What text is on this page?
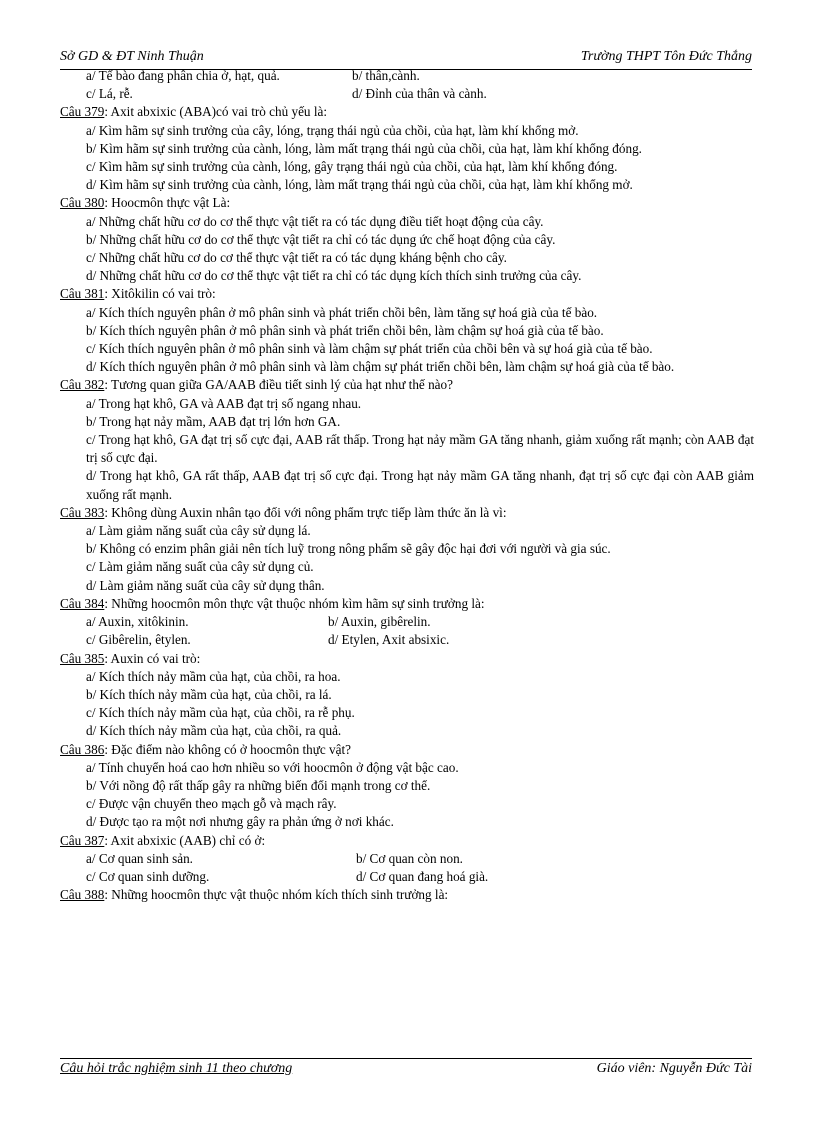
Sở GD & ĐT Ninh Thuận	Trường THPT Tôn Đức Thắng
a/ Tế bào đang phân chia ở, hạt, quả.	b/ thân,cành.
c/ Lá, rễ.	d/ Đỉnh của thân và cành.
Câu 379: Axit abxixic (ABA)có vai trò chủ yếu là:
a/ Kìm hãm sự sinh trưởng của cây, lóng, trạng thái ngủ của chồi, của hạt, làm khí khổng mở.
b/ Kìm hãm sự sinh trưởng của cành, lóng, làm mất trạng thái ngủ của chồi, của hạt, làm khí khổng đóng.
c/ Kìm hãm sự sinh trưởng của cành, lóng, gây trạng thái ngủ của chồi, của hạt, làm khí khổng đóng.
d/ Kìm hãm sự sinh trưởng của cành, lóng, làm mất trạng thái ngủ của chồi, của hạt, làm khí khổng mở.
Câu 380: Hoocmôn thực vật Là:
a/ Những chất hữu cơ do cơ thể thực vật tiết ra có tác dụng điều tiết hoạt động của cây.
b/ Những chất hữu cơ do cơ thể thực vật tiết ra chỉ có tác dụng ức chế hoạt động của cây.
c/ Những chất hữu cơ do cơ thể thực vật tiết ra có tác dụng kháng bệnh cho cây.
d/ Những chất hữu cơ do cơ thể thực vật tiết ra chỉ có tác dụng kích thích sinh trưởng của cây.
Câu 381: Xitôkilin có vai trò:
a/ Kích thích nguyên phân ở mô phân sinh và phát triển chồi bên, làm tăng sự hoá già của tế bào.
b/ Kích thích nguyên phân ở mô phân sinh và phát triển chồi bên, làm chậm sự hoá già của tế bào.
c/ Kích thích nguyên phân ở mô phân sinh và làm chậm sự phát triển của chồi bên và sự hoá già của tế bào.
d/ Kích thích nguyên phân ở mô phân sinh và làm chậm sự phát triển chồi bên, làm chậm sự hoá già của tế bào.
Câu 382: Tương quan giữa GA/AAB điều tiết sinh lý của hạt như thế nào?
a/ Trong hạt khô, GA và AAB đạt trị số ngang nhau.
b/ Trong hạt nảy mầm, AAB đạt trị lớn hơn GA.
c/ Trong hạt khô, GA đạt trị số cực đại, AAB rất thấp. Trong hạt nảy mầm GA tăng nhanh, giảm xuống rất mạnh; còn AAB đạt trị số cực đại.
d/ Trong hạt khô, GA rất thấp, AAB đạt trị số cực đại. Trong hạt nảy mầm GA tăng nhanh, đạt trị số cực đại còn AAB giảm xuống rất mạnh.
Câu 383: Không dùng Auxin nhân tạo đối với nông phẩm trực tiếp làm thức ăn là vì:
a/ Làm giảm năng suất của cây sử dụng lá.
b/ Không có enzim phân giải nên tích luỹ trong nông phẩm sẽ gây độc hại đơi với người và gia súc.
c/ Làm giảm năng suất của cây sử dụng củ.
d/ Làm giảm năng suất của cây sử dụng thân.
Câu 384: Những hoocmôn môn thực vật thuộc nhóm kìm hãm sự sinh trưởng là:
a/ Auxin, xitôkinin.	b/ Auxin, gibêrelin.
c/ Gibêrelin, êtylen.	d/ Etylen, Axit absixic.
Câu 385: Auxin có vai trò:
a/ Kích thích nảy mầm của hạt, của chồi, ra hoa.
b/ Kích thích nảy mầm của hạt, của chồi, ra lá.
c/ Kích thích nảy mầm của hạt, của chồi, ra rễ phụ.
d/ Kích thích nảy mầm của hạt, của chồi, ra quả.
Câu 386: Đặc điểm nào không có ở hoocmôn thực vật?
a/ Tính chuyển hoá cao hơn nhiều so với hoocmôn ở động vật bậc cao.
b/ Với nồng độ rất thấp gây ra những biến đổi mạnh trong cơ thể.
c/ Được vận chuyển theo mạch gỗ và mạch rây.
d/ Được tạo ra một nơi nhưng gây ra phản ứng ở nơi khác.
Câu 387: Axit abxixic (AAB) chỉ có ở:
a/ Cơ quan sinh sản.	b/ Cơ quan còn non.
c/ Cơ quan sinh dưỡng.	d/ Cơ quan đang hoá già.
Câu 388: Những hoocmôn thực vật thuộc nhóm kích thích sinh trưởng là:
Câu hỏi trắc nghiệm sinh 11 theo chương	Giáo viên: Nguyễn Đức Tài
